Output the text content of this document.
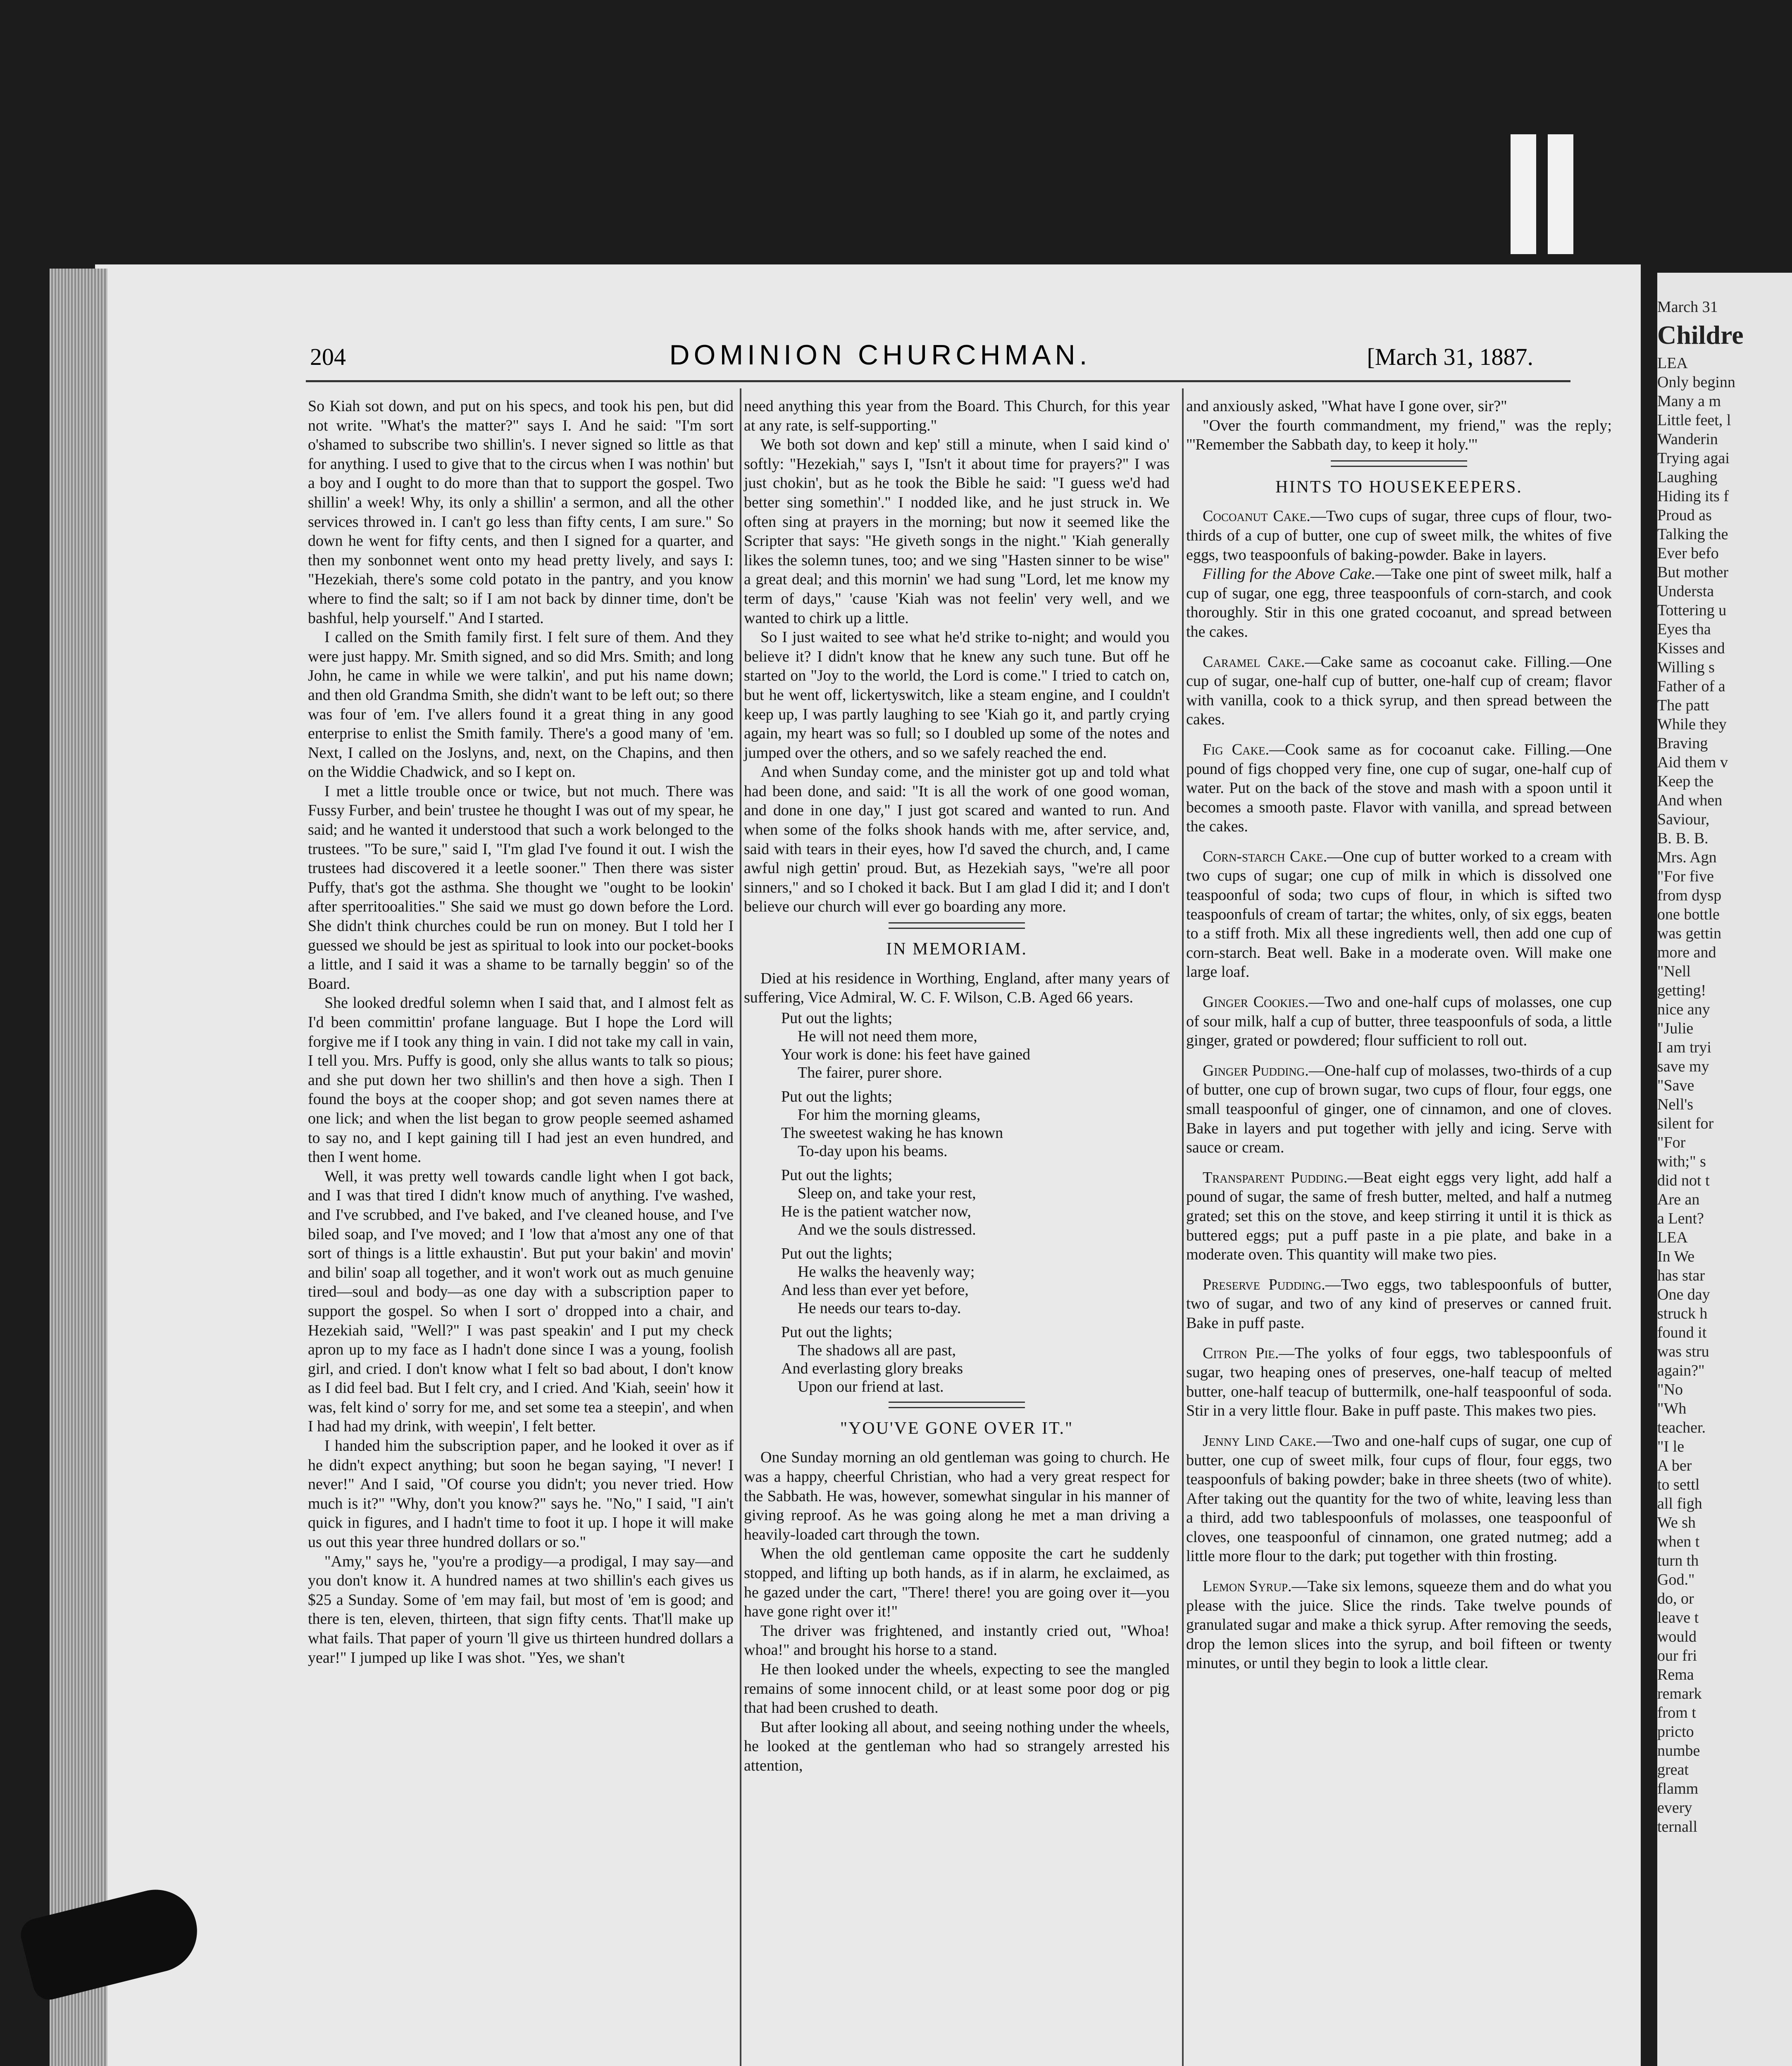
204	DOMINION CHURCHMAN.	[March 31, 1887.

So Kiah sot down, and put on his specs, and took his pen, but did not write. "What's the matter?" says I. And he said: "I'm sort o'shamed to subscribe two shillin's. I never signed so little as that for anything. I used to give that to the circus when I was nothin' but a boy and I ought to do more than that to support the gospel. Two shillin' a week! Why, its only a shillin' a sermon, and all the other services throwed in. I can't go less than fifty cents, I am sure." So down he went for fifty cents, and then I signed for a quarter, and then my sonbonnet went onto my head pretty lively, and says I: "Hezekiah, there's some cold potato in the pantry, and you know where to find the salt; so if I am not back by dinner time, don't be bashful, help yourself." And I started.

I called on the Smith family first. I felt sure of them. And they were just happy. Mr. Smith signed, and so did Mrs. Smith; and long John, he came in while we were talkin', and put his name down; and then old Grandma Smith, she didn't want to be left out; so there was four of 'em. I've allers found it a great thing in any good enterprise to enlist the Smith family. There's a good many of 'em. Next, I called on the Joslyns, and, next, on the Chapins, and then on the Widdie Chadwick, and so I kept on.

I met a little trouble once or twice, but not much. There was Fussy Furber, and bein' trustee he thought I was out of my spear, he said; and he wanted it understood that such a work belonged to the trustees. "To be sure," said I, "I'm glad I've found it out. I wish the trustees had discovered it a leetle sooner." Then there was sister Puffy, that's got the asthma. She thought we "ought to be lookin' after sperritooalities." She said we must go down before the Lord. She didn't think churches could be run on money. But I told her I guessed we should be jest as spiritual to look into our pocket-books a little, and I said it was a shame to be tarnally beggin' so of the Board.

She looked dredful solemn when I said that, and I almost felt as I'd been committin' profane language. But I hope the Lord will forgive me if I took any thing in vain. I did not take my call in vain, I tell you. Mrs. Puffy is good, only she allus wants to talk so pious; and she put down her two shillin's and then hove a sigh. Then I found the boys at the cooper shop; and got seven names there at one lick; and when the list began to grow people seemed ashamed to say no, and I kept gaining till I had jest an even hundred, and then I went home.

Well, it was pretty well towards candle light when I got back, and I was that tired I didn't know much of anything. I've washed, and I've scrubbed, and I've baked, and I've cleaned house, and I've biled soap, and I've moved; and I 'low that a'most any one of that sort of things is a little exhaustin'. But put your bakin' and movin' and bilin' soap all together, and it won't work out as much genuine tired—soul and body—as one day with a subscription paper to support the gospel. So when I sort o' dropped into a chair, and Hezekiah said, "Well?" I was past speakin' and I put my check apron up to my face as I hadn't done since I was a young, foolish girl, and cried. I don't know what I felt so bad about, I don't know as I did feel bad. But I felt cry, and I cried. And 'Kiah, seein' how it was, felt kind o' sorry for me, and set some tea a steepin', and when I had had my drink, with weepin', I felt better.

I handed him the subscription paper, and he looked it over as if he didn't expect anything; but soon he began saying, "I never! I never!" And I said, "Of course you didn't; you never tried. How much is it?" "Why, don't you know?" says he. "No," I said, "I ain't quick in figures, and I hadn't time to foot it up. I hope it will make us out this year three hundred dollars or so."

"Amy," says he, "you're a prodigy—a prodigal, I may say—and you don't know it. A hundred names at two shillin's each gives us $25 a Sunday. Some of 'em may fail, but most of 'em is good; and there is ten, eleven, thirteen, that sign fifty cents. That'll make up what fails. That paper of yourn 'll give us thirteen hundred dollars a year!" I jumped up like I was shot. "Yes, we shan't

need anything this year from the Board. This Church, for this year at any rate, is self-supporting."

We both sot down and kep' still a minute, when I said kind o' softly: "Hezekiah," says I, "Isn't it about time for prayers?" I was just chokin', but as he took the Bible he said: "I guess we'd had better sing somethin'." I nodded like, and he just struck in. We often sing at prayers in the morning; but now it seemed like the Scripter that says: "He giveth songs in the night." 'Kiah generally likes the solemn tunes, too; and we sing "Hasten sinner to be wise" a great deal; and this mornin' we had sung "Lord, let me know my term of days," 'cause 'Kiah was not feelin' very well, and we wanted to chirk up a little.

So I just waited to see what he'd strike to-night; and would you believe it? I didn't know that he knew any such tune. But off he started on "Joy to the world, the Lord is come." I tried to catch on, but he went off, lickertyswitch, like a steam engine, and I couldn't keep up, I was partly laughing to see 'Kiah go it, and partly crying again, my heart was so full; so I doubled up some of the notes and jumped over the others, and so we safely reached the end.

And when Sunday come, and the minister got up and told what had been done, and said: "It is all the work of one good woman, and done in one day," I just got scared and wanted to run. And when some of the folks shook hands with me, after service, and, said with tears in their eyes, how I'd saved the church, and, I came awful nigh gettin' proud. But, as Hezekiah says, "we're all poor sinners," and so I choked it back. But I am glad I did it; and I don't believe our church will ever go boarding any more.

IN MEMORIAM.

Died at his residence in Worthing, England, after many years of suffering, Vice Admiral, W. C. F. Wilson, C.B. Aged 66 years.

Put out the lights;
He will not need them more,
Your work is done: his feet have gained
The fairer, purer shore.
Put out the lights;
For him the morning gleams,
The sweetest waking he has known
To-day upon his beams.
Put out the lights;
Sleep on, and take your rest,
He is the patient watcher now,
And we the souls distressed.
Put out the lights;
He walks the heavenly way;
And less than ever yet before,
He needs our tears to-day.
Put out the lights;
The shadows all are past,
And everlasting glory breaks
Upon our friend at last.
"YOU'VE GONE OVER IT."

One Sunday morning an old gentleman was going to church. He was a happy, cheerful Christian, who had a very great respect for the Sabbath. He was, however, somewhat singular in his manner of giving reproof. As he was going along he met a man driving a heavily-loaded cart through the town.

When the old gentleman came opposite the cart he suddenly stopped, and lifting up both hands, as if in alarm, he exclaimed, as he gazed under the cart, "There! there! you are going over it—you have gone right over it!"

The driver was frightened, and instantly cried out, "Whoa! whoa!" and brought his horse to a stand.

He then looked under the wheels, expecting to see the mangled remains of some innocent child, or at least some poor dog or pig that had been crushed to death.

But after looking all about, and seeing nothing under the wheels, he looked at the gentleman who had so strangely arrested his attention,

and anxiously asked, "What have I gone over, sir?"

"Over the fourth commandment, my friend," was the reply; "'Remember the Sabbath day, to keep it holy.'"

HINTS TO HOUSEKEEPERS.

Cocoanut Cake.—Two cups of sugar, three cups of flour, two-thirds of a cup of butter, one cup of sweet milk, the whites of five eggs, two teaspoonfuls of baking-powder. Bake in layers.

Filling for the Above Cake.—Take one pint of sweet milk, half a cup of sugar, one egg, three teaspoonfuls of corn-starch, and cook thoroughly. Stir in this one grated cocoanut, and spread between the cakes.

Caramel Cake.—Cake same as cocoanut cake. Filling.—One cup of sugar, one-half cup of butter, one-half cup of cream; flavor with vanilla, cook to a thick syrup, and then spread between the cakes.

Fig Cake.—Cook same as for cocoanut cake. Filling.—One pound of figs chopped very fine, one cup of sugar, one-half cup of water. Put on the back of the stove and mash with a spoon until it becomes a smooth paste. Flavor with vanilla, and spread between the cakes.

Corn-starch Cake.—One cup of butter worked to a cream with two cups of sugar; one cup of milk in which is dissolved one teaspoonful of soda; two cups of flour, in which is sifted two teaspoonfuls of cream of tartar; the whites, only, of six eggs, beaten to a stiff froth. Mix all these ingredients well, then add one cup of corn-starch. Beat well. Bake in a moderate oven. Will make one large loaf.

Ginger Cookies.—Two and one-half cups of molasses, one cup of sour milk, half a cup of butter, three teaspoonfuls of soda, a little ginger, grated or powdered; flour sufficient to roll out.

Ginger Pudding.—One-half cup of molasses, two-thirds of a cup of butter, one cup of brown sugar, two cups of flour, four eggs, one small teaspoonful of ginger, one of cinnamon, and one of cloves. Bake in layers and put together with jelly and icing. Serve with sauce or cream.

Transparent Pudding.—Beat eight eggs very light, add half a pound of sugar, the same of fresh butter, melted, and half a nutmeg grated; set this on the stove, and keep stirring it until it is thick as buttered eggs; put a puff paste in a pie plate, and bake in a moderate oven. This quantity will make two pies.

Preserve Pudding.—Two eggs, two tablespoonfuls of butter, two of sugar, and two of any kind of preserves or canned fruit. Bake in puff paste.

Citron Pie.—The yolks of four eggs, two tablespoonfuls of sugar, two heaping ones of preserves, one-half teacup of melted butter, one-half teacup of buttermilk, one-half teaspoonful of soda. Stir in a very little flour. Bake in puff paste. This makes two pies.

Jenny Lind Cake.—Two and one-half cups of sugar, one cup of butter, one cup of sweet milk, four cups of flour, four eggs, two teaspoonfuls of baking powder; bake in three sheets (two of white). After taking out the quantity for the two of white, leaving less than a third, add two tablespoonfuls of molasses, one teaspoonful of cloves, one teaspoonful of cinnamon, one grated nutmeg; add a little more flour to the dark; put together with thin frosting.

Lemon Syrup.—Take six lemons, squeeze them and do what you please with the juice. Slice the rinds. Take twelve pounds of granulated sugar and make a thick syrup. After removing the seeds, drop the lemon slices into the syrup, and boil fifteen or twenty minutes, or until they begin to look a little clear.

March 31

Childre

LEA

Only beginn

Many a m

Little feet, l

Wanderin

Trying agai

Laughing

Hiding its f

Proud as

Talking the

Ever befo

But mother

Understa

Tottering u

Eyes tha

Kisses and

Willing s

Father of a

The patt

While they

Braving

Aid them v

Keep the

And when

Saviour,

B. B. B.

Mrs. Agn

"For five

from dysp

one bottle

was gettin

more and

"Nell

getting!

nice any

"Julie

I am tryi

save my

"Save

Nell's

silent for

"For

with;" s

did not t

Are an

a Lent?

LEA

In We

has star

One day

struck h

found it

was stru

again?"

"No

"Wh

teacher.

"I le

A ber

to settl

all figh

We sh

when t

turn th

God."

do, or

leave t

would

our fri

Rema

remark

from t

pricto

numbe

great

flamm

every

ternall
